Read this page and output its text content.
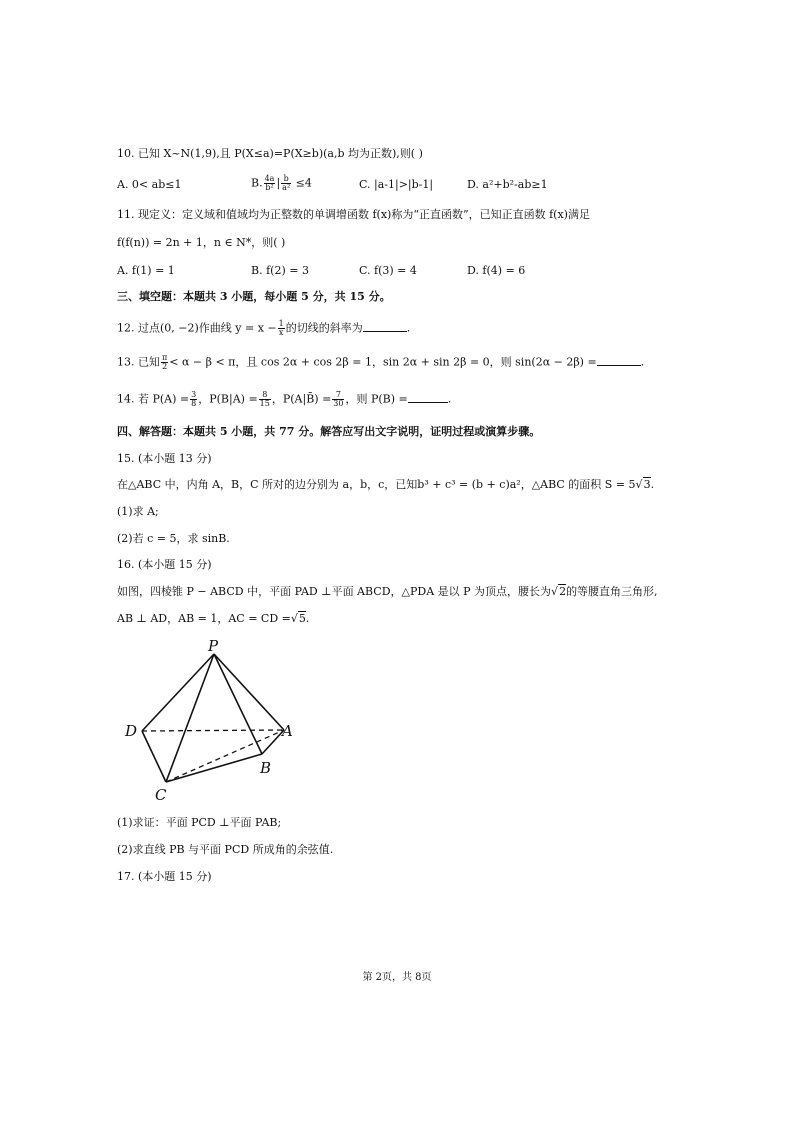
10. 已知 X~N(1,9),且 P(X≤a)=P(X≥b)(a,b 均为正数),则( )
A. 0< ab≤1	B. $\frac{4a}{\text{b²}}$ | $\frac{b}{\text{a²}} \le 4$	C. |a-1|>|b-1|	D. a²+b²-ab≥1
11. 现定义：定义域和值域均为正整数的单调增函数 f(x)称为“正直函数”，已知正直函数 f(x)满足
f(f(n)) = 2n + 1，n ∈ N*，则( )
A. f(1) = 1	B. f(2) = 3	C. f(3) = 4	D. f(4) = 6
三、填空题：本题共 3 小题，每小题 5 分，共 15 分。
12. 过点(0, −2)作曲线 $y = x - \frac{1}{x}$ 的切线的斜率为	.
13. 已知 $\frac{\pi}{2} < \alpha - \beta < \pi$，且 cos 2α + cos 2β = 1，sin 2α + sin 2β = 0，则 sin(2α − 2β) =	.
14. 若 $P(A) = \frac{3}{8}$ ，$P(B|A) = \frac{8}{15}$ ，P(A|B̄) = $\frac{7}{30}$ ，则 P(B) =	.
四、解答题：本题共 5 小题，共 77 分。解答应写出文字说明，证明过程或演算步骤。
15. (本小题 13 分)
在△ABC 中，内角 A，B，C 所对的边分别为 a，b，c，已知b³ + c³ = (b + c)a²，△ABC 的面积 S = 5√3.
(1)求 A;
(2)若 c = 5，求 sinB.
16. (本小题 15 分)
如图，四棱锥 P − ABCD 中，平面 PAD ⊥平面 ABCD，△PDA 是以 P 为顶点，腰长为√2的等腰直角三角形,
AB ⊥ AD，AB = 1，AC = CD =√5.
P
D	A
B
C
(1)求证：平面 PCD ⊥平面 PAB;
(2)求直线 PB 与平面 PCD 所成角的余弦值.
17. (本小题 15 分)
第 2页，共 8页
